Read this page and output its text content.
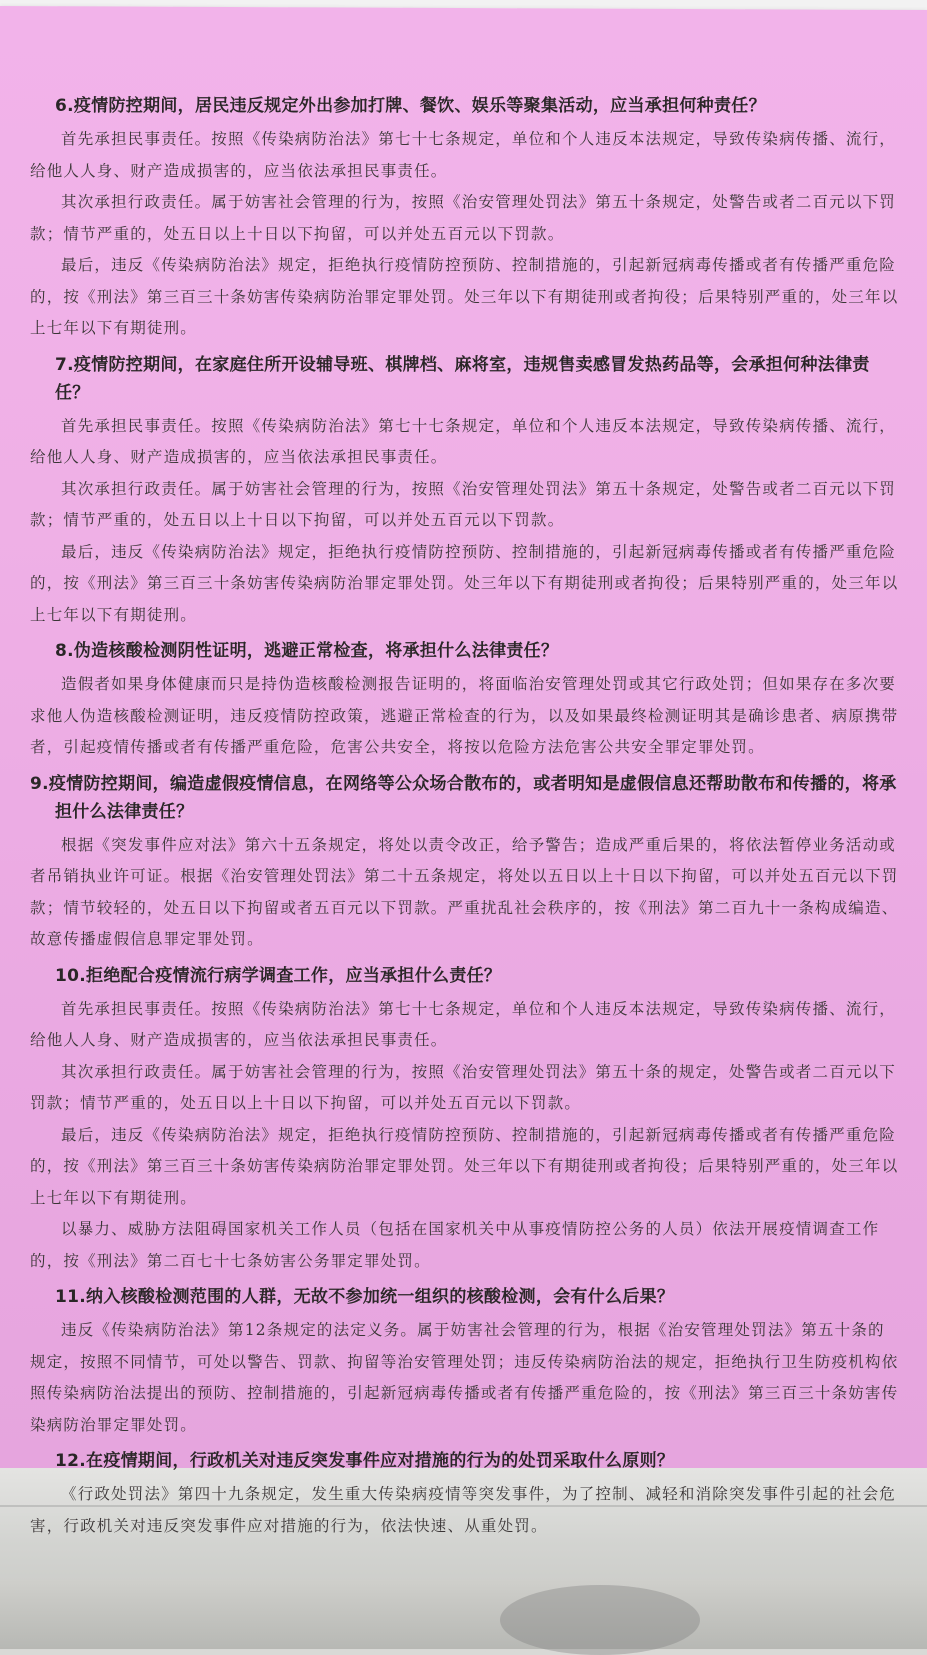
6.疫情防控期间，居民违反规定外出参加打牌、餐饮、娱乐等聚集活动，应当承担何种责任？

首先承担民事责任。按照《传染病防治法》第七十七条规定，单位和个人违反本法规定，导致传染病传播、流行，给他人人身、财产造成损害的，应当依法承担民事责任。

其次承担行政责任。属于妨害社会管理的行为，按照《治安管理处罚法》第五十条规定，处警告或者二百元以下罚款；情节严重的，处五日以上十日以下拘留，可以并处五百元以下罚款。

最后，违反《传染病防治法》规定，拒绝执行疫情防控预防、控制措施的，引起新冠病毒传播或者有传播严重危险的，按《刑法》第三百三十条妨害传染病防治罪定罪处罚。处三年以下有期徒刑或者拘役；后果特别严重的，处三年以上七年以下有期徒刑。

7.疫情防控期间，在家庭住所开设辅导班、棋牌档、麻将室，违规售卖感冒发热药品等，会承担何种法律责任？

首先承担民事责任。按照《传染病防治法》第七十七条规定，单位和个人违反本法规定，导致传染病传播、流行，给他人人身、财产造成损害的，应当依法承担民事责任。

其次承担行政责任。属于妨害社会管理的行为，按照《治安管理处罚法》第五十条规定，处警告或者二百元以下罚款；情节严重的，处五日以上十日以下拘留，可以并处五百元以下罚款。

最后，违反《传染病防治法》规定，拒绝执行疫情防控预防、控制措施的，引起新冠病毒传播或者有传播严重危险的，按《刑法》第三百三十条妨害传染病防治罪定罪处罚。处三年以下有期徒刑或者拘役；后果特别严重的，处三年以上七年以下有期徒刑。

8.伪造核酸检测阴性证明，逃避正常检查，将承担什么法律责任？

造假者如果身体健康而只是持伪造核酸检测报告证明的，将面临治安管理处罚或其它行政处罚；但如果存在多次要求他人伪造核酸检测证明，违反疫情防控政策，逃避正常检查的行为，以及如果最终检测证明其是确诊患者、病原携带者，引起疫情传播或者有传播严重危险，危害公共安全，将按以危险方法危害公共安全罪定罪处罚。

9.疫情防控期间，编造虚假疫情信息，在网络等公众场合散布的，或者明知是虚假信息还帮助散布和传播的，将承担什么法律责任？

根据《突发事件应对法》第六十五条规定，将处以责令改正，给予警告；造成严重后果的，将依法暂停业务活动或者吊销执业许可证。根据《治安管理处罚法》第二十五条规定，将处以五日以上十日以下拘留，可以并处五百元以下罚款；情节较轻的，处五日以下拘留或者五百元以下罚款。严重扰乱社会秩序的，按《刑法》第二百九十一条构成编造、故意传播虚假信息罪定罪处罚。

10.拒绝配合疫情流行病学调查工作，应当承担什么责任？

首先承担民事责任。按照《传染病防治法》第七十七条规定，单位和个人违反本法规定，导致传染病传播、流行，给他人人身、财产造成损害的，应当依法承担民事责任。

其次承担行政责任。属于妨害社会管理的行为，按照《治安管理处罚法》第五十条的规定，处警告或者二百元以下罚款；情节严重的，处五日以上十日以下拘留，可以并处五百元以下罚款。

最后，违反《传染病防治法》规定，拒绝执行疫情防控预防、控制措施的，引起新冠病毒传播或者有传播严重危险的，按《刑法》第三百三十条妨害传染病防治罪定罪处罚。处三年以下有期徒刑或者拘役；后果特别严重的，处三年以上七年以下有期徒刑。

以暴力、威胁方法阻碍国家机关工作人员（包括在国家机关中从事疫情防控公务的人员）依法开展疫情调查工作的，按《刑法》第二百七十七条妨害公务罪定罪处罚。

11.纳入核酸检测范围的人群，无故不参加统一组织的核酸检测，会有什么后果？

违反《传染病防治法》第12条规定的法定义务。属于妨害社会管理的行为，根据《治安管理处罚法》第五十条的规定，按照不同情节，可处以警告、罚款、拘留等治安管理处罚；违反传染病防治法的规定，拒绝执行卫生防疫机构依照传染病防治法提出的预防、控制措施的，引起新冠病毒传播或者有传播严重危险的，按《刑法》第三百三十条妨害传染病防治罪定罪处罚。

12.在疫情期间，行政机关对违反突发事件应对措施的行为的处罚采取什么原则？

《行政处罚法》第四十九条规定，发生重大传染病疫情等突发事件，为了控制、减轻和消除突发事件引起的社会危害，行政机关对违反突发事件应对措施的行为，依法快速、从重处罚。
